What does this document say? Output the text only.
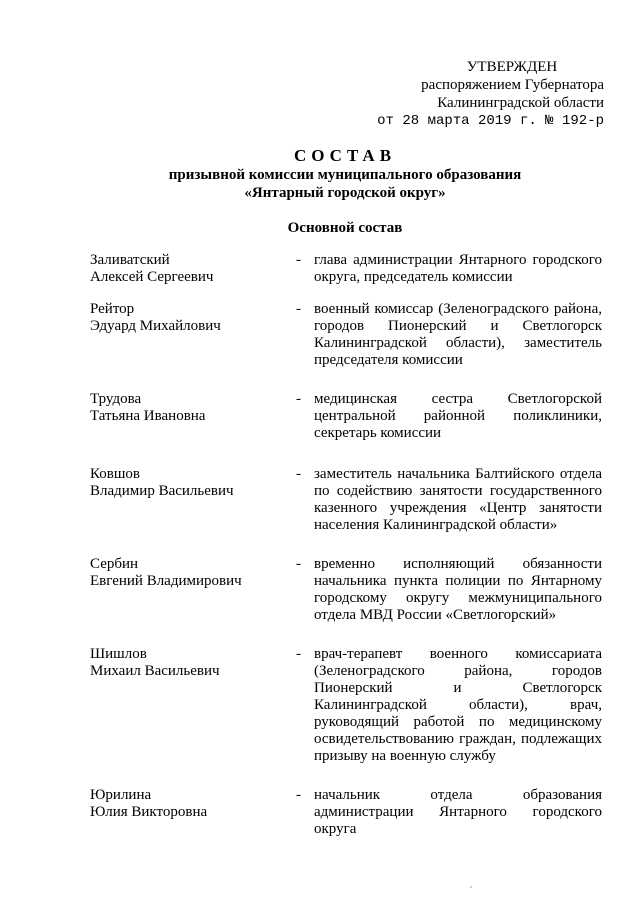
УТВЕРЖДЕН
распоряжением Губернатора
Калининградской области
от 28 марта 2019 г. № 192-р
СОСТАВ
призывной комиссии муниципального образования
«Янтарный городской округ»
Основной состав
Заливатский
Алексей Сергеевич
- глава администрации Янтарного городского округа, председатель комиссии
Рейтор
Эдуард Михайлович
- военный комиссар (Зеленоградского района, городов Пионерский и Светлогорск Калининградской области), заместитель председателя комиссии
Трудова
Татьяна Ивановна
- медицинская сестра Светлогорской центральной районной поликлиники, секретарь комиссии
Ковшов
Владимир Васильевич
- заместитель начальника Балтийского отдела по содействию занятости государственного казенного учреждения «Центр занятости населения Калининградской области»
Сербин
Евгений Владимирович
- временно исполняющий обязанности начальника пункта полиции по Янтарному городскому округу межмуниципального отдела МВД России «Светлогорский»
Шишлов
Михаил Васильевич
- врач-терапевт военного комиссариата (Зеленоградского района, городов Пионерский и Светлогорск Калининградской области), врач, руководящий работой по медицинскому освидетельствованию граждан, подлежащих призыву на военную службу
Юрилина
Юлия Викторовна
- начальник отдела образования администрации Янтарного городского округа
